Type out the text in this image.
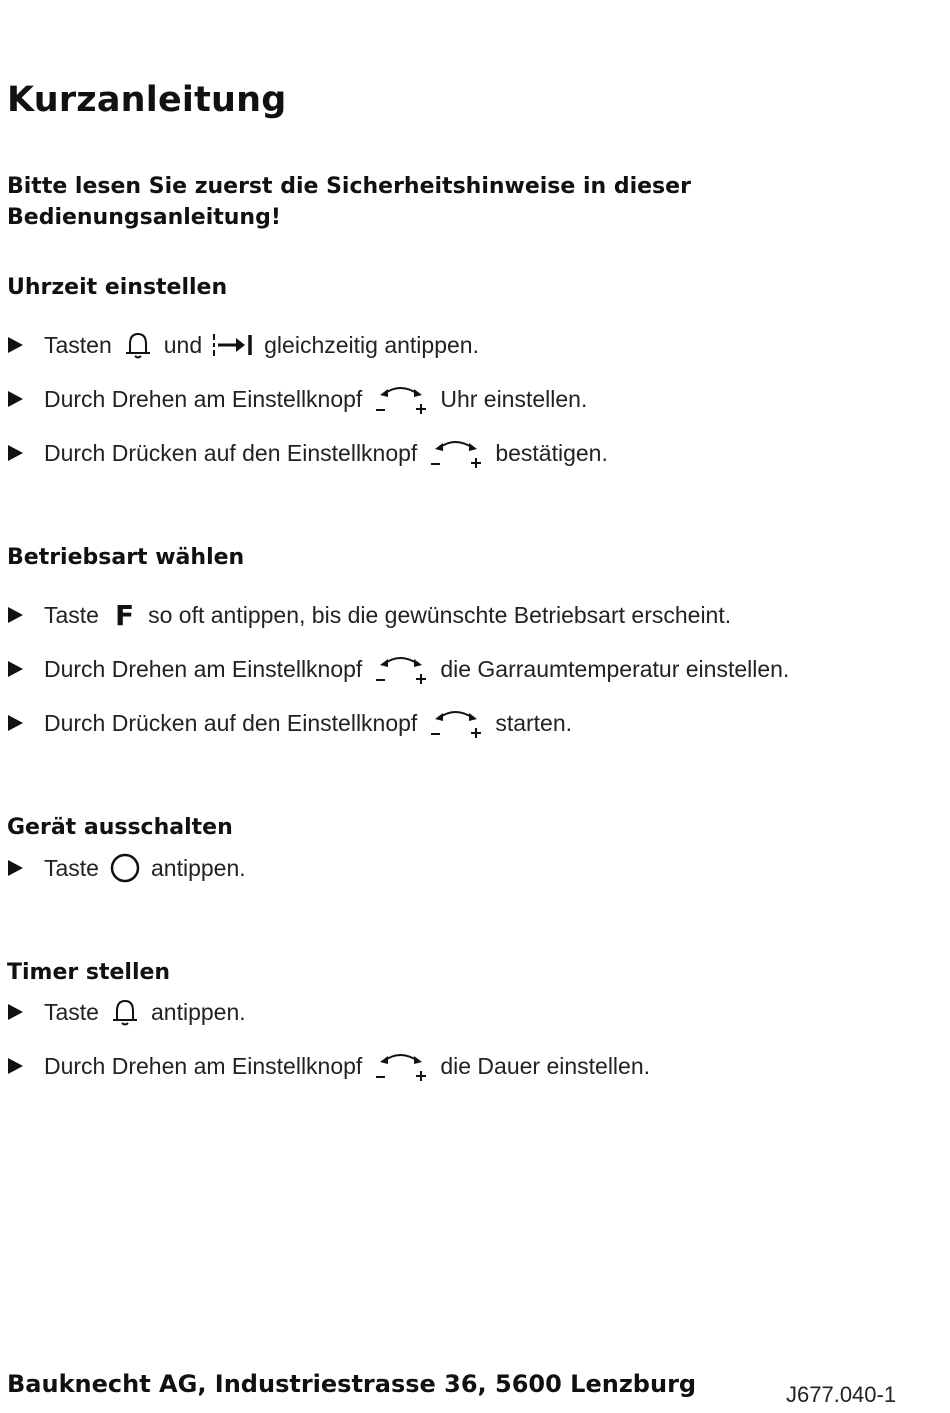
Kurzanleitung

Bitte lesen Sie zuerst die Sicherheitshinweise in dieser Bedienungsanleitung!

Uhrzeit einstellen
Tasten und	gleichzeitig antippen.
Durch Drehen am Einstellknopf	Uhr einstellen.
Durch Drücken auf den Einstellknopf	bestätigen.
Betriebsart wählen
Taste F so oft antippen, bis die gewünschte Betriebsart erscheint.
Durch Drehen am Einstellknopf	die Garraumtemperatur einstellen.
Durch Drücken auf den Einstellknopf	starten.
Gerät ausschalten
Taste antippen.
Timer stellen
Taste antippen.
Durch Drehen am Einstellknopf	die Dauer einstellen.
Bauknecht AG, Industriestrasse 36, 5600 Lenzburg	J677.040-1
